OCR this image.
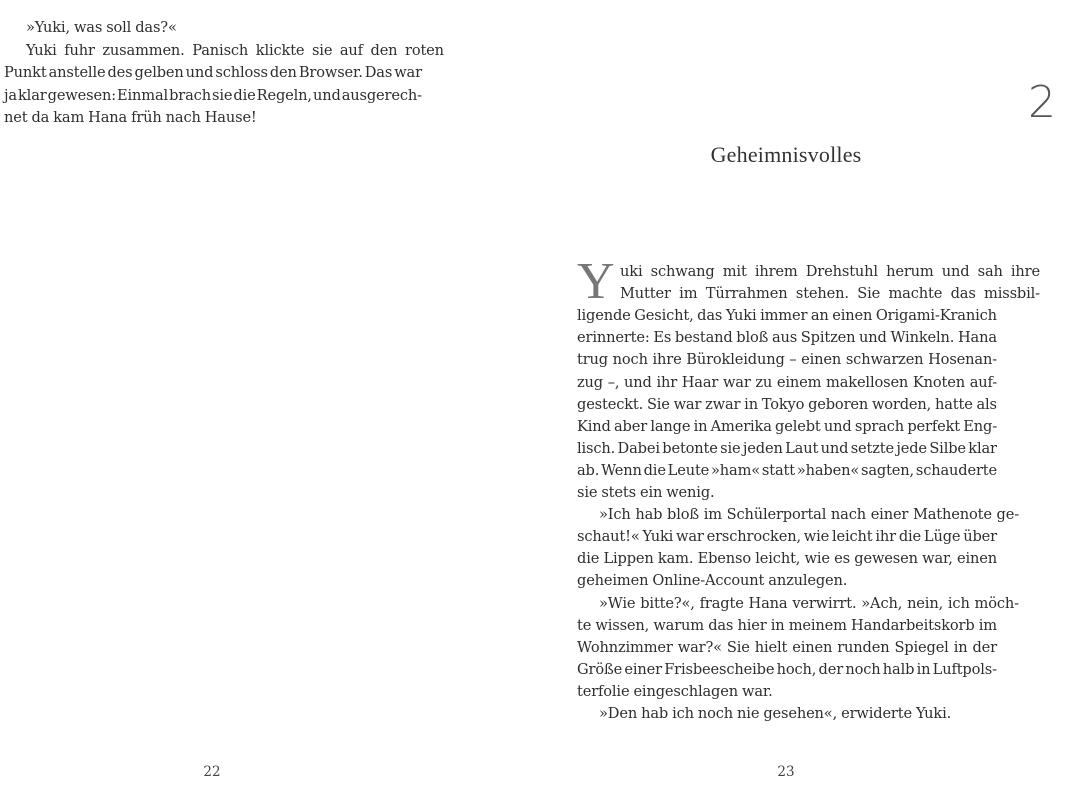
»Yuki, was soll das?«
Yuki fuhr zusammen. Panisch klickte sie auf den roten
Punkt anstelle des gelben und schloss den Browser. Das war
ja klar gewesen: Einmal brach sie die Regeln, und ausgerech-
net da kam Hana früh nach Hause!
22
2
Geheimnisvolles
Y uki schwang mit ihrem Drehstuhl herum und sah ihre
Mutter im Türrahmen stehen. Sie machte das missbil-
ligende Gesicht, das Yuki immer an einen Origami-Kranich
erinnerte: Es bestand bloß aus Spitzen und Winkeln. Hana
trug noch ihre Bürokleidung – einen schwarzen Hosenan-
zug –, und ihr Haar war zu einem makellosen Knoten auf-
gesteckt. Sie war zwar in Tokyo geboren worden, hatte als
Kind aber lange in Amerika gelebt und sprach perfekt Eng-
lisch. Dabei betonte sie jeden Laut und setzte jede Silbe klar
ab. Wenn die Leute »ham« statt »haben« sagten, schauderte
sie stets ein wenig.
»Ich hab bloß im Schülerportal nach einer Mathenote ge-
schaut!« Yuki war erschrocken, wie leicht ihr die Lüge über
die Lippen kam. Ebenso leicht, wie es gewesen war, einen
geheimen Online-Account anzulegen.
»Wie bitte?«, fragte Hana verwirrt. »Ach, nein, ich möch-
te wissen, warum das hier in meinem Handarbeitskorb im
Wohnzimmer war?« Sie hielt einen runden Spiegel in der
Größe einer Frisbeescheibe hoch, der noch halb in Luftpols-
terfolie eingeschlagen war.
»Den hab ich noch nie gesehen«, erwiderte Yuki.
23
